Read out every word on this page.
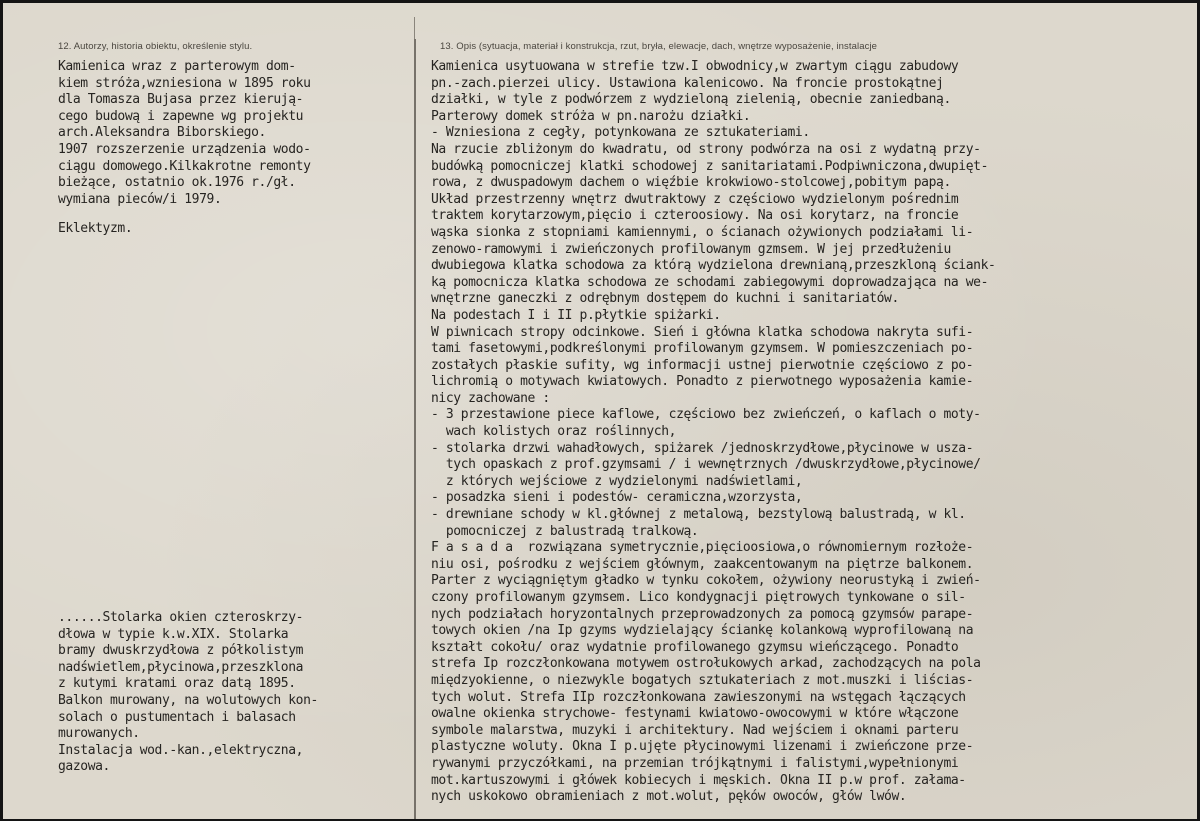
12. Autorzy, historia obiektu, określenie stylu.	13. Opis (sytuacja, materiał i konstrukcja, rzut, bryła, elewacje, dach, wnętrze wyposażenie, instalacje
Kamienica wraz z parterowym dom-
kiem stróża,wzniesiona w 1895 roku
dla Tomasza Bujasa przez kierują-
cego budową i zapewne wg projektu
arch.Aleksandra Biborskiego.
1907 rozszerzenie urządzenia wodo-
ciągu domowego.Kilkakrotne remonty
bieżące, ostatnio ok.1976 r./gł.
wymiana pieców/i 1979.
Eklektyzm.
......Stolarka okien czteroskrzy-
dłowa w typie k.w.XIX. Stolarka
bramy dwuskrzydłowa z półkolistym
nadświetlem,płycinowa,przeszklona
z kutymi kratami oraz datą 1895.
Balkon murowany, na wolutowych kon-
solach o pustumentach i balasach
murowanych.
Instalacja wod.-kan.,elektryczna,
gazowa.
Kamienica usytuowana w strefie tzw.I obwodnicy,w zwartym ciągu zabudowy
pn.-zach.pierzei ulicy. Ustawiona kalenicowo. Na froncie prostokątnej
działki, w tyle z podwórzem z wydzieloną zielenią, obecnie zaniedbaną.
Parterowy domek stróża w pn.narożu działki.
- Wzniesiona z cegły, potynkowana ze sztukateriami.
Na rzucie zbliżonym do kwadratu, od strony podwórza na osi z wydatną przy-
budówką pomocniczej klatki schodowej z sanitariatami.Podpiwniczona,dwupięt-
rowa, z dwuspadowym dachem o więźbie krokwiowo-stolcowej,pobitym papą.
Układ przestrzenny wnętrz dwutraktowy z częściowo wydzielonym pośrednim
traktem korytarzowym,pięcio i czteroosiowy. Na osi korytarz, na froncie
wąska sionka z stopniami kamiennymi, o ścianach ożywionych podziałami li-
zenowo-ramowymi i zwieńczonych profilowanym gzmsem. W jej przedłużeniu
dwubiegowa klatka schodowa za którą wydzielona drewnianą,przeszkloną ściank-
ką pomocnicza klatka schodowa ze schodami zabiegowymi doprowadzająca na we-
wnętrzne ganeczki z odrębnym dostępem do kuchni i sanitariatów.
Na podestach I i II p.płytkie spiżarki.
W piwnicach stropy odcinkowe. Sień i główna klatka schodowa nakryta sufi-
tami fasetowymi,podkreślonymi profilowanym gzymsem. W pomieszczeniach po-
zostałych płaskie sufity, wg informacji ustnej pierwotnie częściowo z po-
lichromią o motywach kwiatowych. Ponadto z pierwotnego wyposażenia kamie-
nicy zachowane :
- 3 przestawione piece kaflowe, częściowo bez zwieńczeń, o kaflach o moty-
wach kolistych oraz roślinnych,
- stolarka drzwi wahadłowych, spiżarek /jednoskrzydłowe,płycinowe w uszа-
tych opaskach z prof.gzymsami / i wewnętrznych /dwuskrzydłowe,płycinowe/
z których wejściowe z wydzielonymi nadświetlami,
- posadzka sieni i podestów- ceramiczna,wzorzysta,
- drewniane schody w kl.głównej z metalową, bezstylową balustradą, w kl.
pomocniczej z balustradą tralkową.
F a s a d a  rozwiązana symetrycznie,pięcioosiowa,o równomiernym rozłoże-
niu osi, pośrodku z wejściem głównym, zaakcentowanym na piętrze balkonem.
Parter z wyciągniętym gładko w tynku cokołem, ożywiony neorustyką i zwień-
czony profilowanym gzymsem. Lico kondygnacji piętrowych tynkowane o sil-
nych podziałach horyzontalnych przeprowadzonych za pomocą gzymsów parape-
towych okien /na Ip gzyms wydzielający ściankę kolankową wyprofilowaną na
kształt cokołu/ oraz wydatnie profilowanego gzymsu wieńczącego. Ponadto
strefa Ip rozczłonkowana motywem ostrołukowych arkad, zachodzących na pola
międzyokienne, o niezwykle bogatych sztukateriach z mot.muszki i liścias-
tych wolut. Strefa IIp rozczłonkowana zawieszonymi na wstęgach łączących
owalne okienka strychowe- festynami kwiatowo-owocowymi w które włączone
symbole malarstwa, muzyki i architektury. Nad wejściem i oknami parteru
plastyczne woluty. Okna I p.ujęte płycinowymi lizenami i zwieńczone prze-
rywanymi przyczółkami, na przemian trójkątnymi i falistymi,wypełnionymi
mot.kartuszowymi i główek kobiecych i męskich. Okna II p.w prof. załama-
nych uskokowo obramieniach z mot.wolut, pęków owoców, głów lwów.
